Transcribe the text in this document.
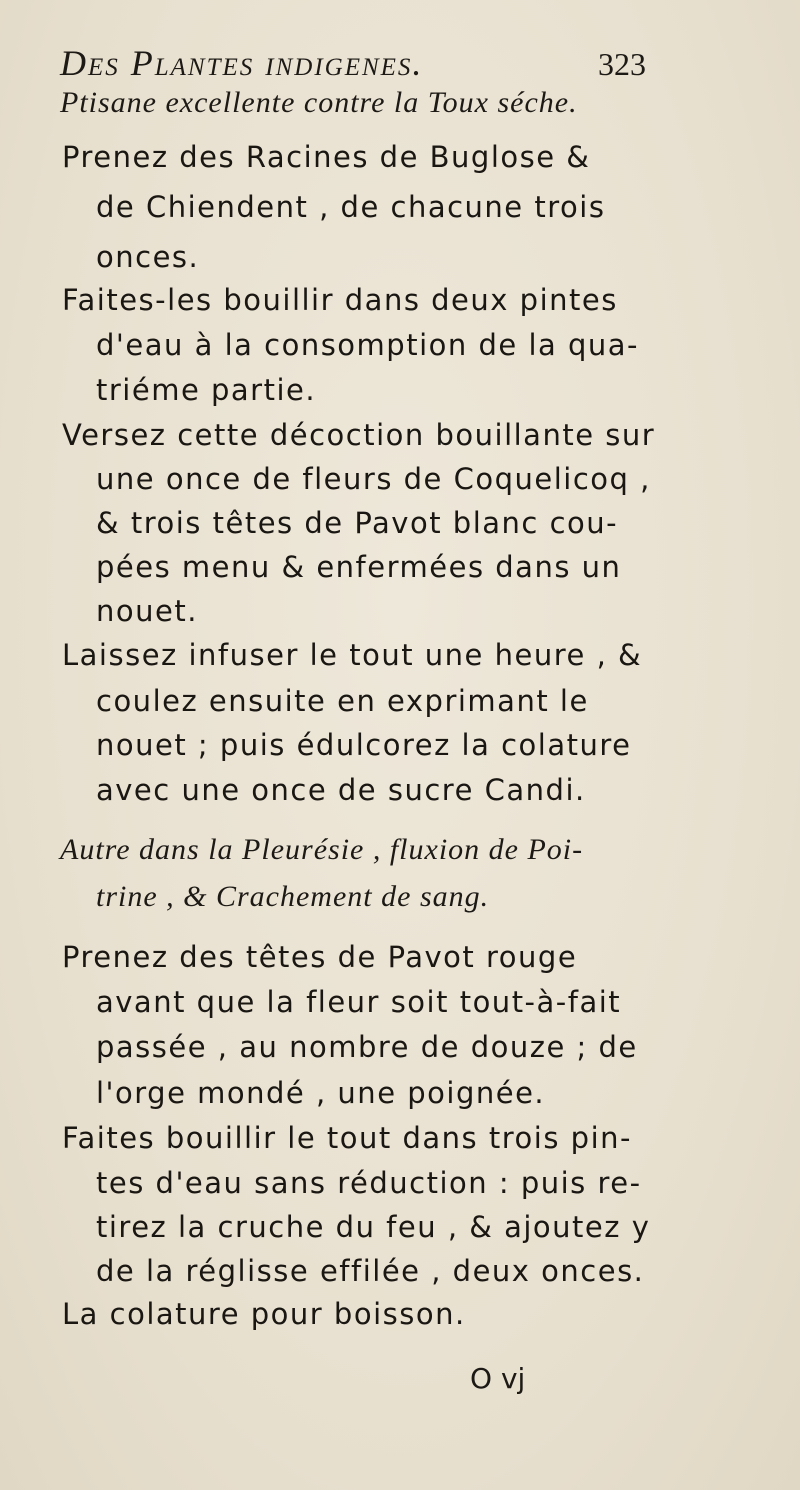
Des Plantes indigenes.	323
Ptisane excellente contre la Toux séche.
Prenez des Racines de Buglose &
de Chiendent , de chacune trois
onces.
Faites-les bouillir dans deux pintes
d'eau à la consomption de la qua-
triéme partie.
Versez cette décoction bouillante sur
une once de fleurs de Coquelicoq ,
& trois têtes de Pavot blanc cou-
pées menu & enfermées dans un
nouet.
Laissez infuser le tout une heure , &
coulez ensuite en exprimant le
nouet ; puis édulcorez la colature
avec une once de sucre Candi.
Autre dans la Pleurésie , fluxion de Poi-
trine , & Crachement de sang.
Prenez des têtes de Pavot rouge
avant que la fleur soit tout-à-fait
passée , au nombre de douze ; de
l'orge mondé , une poignée.
Faites bouillir le tout dans trois pin-
tes d'eau sans réduction : puis re-
tirez la cruche du feu , & ajoutez y
de la réglisse effilée , deux onces.
La colature pour boisson.
O vj
